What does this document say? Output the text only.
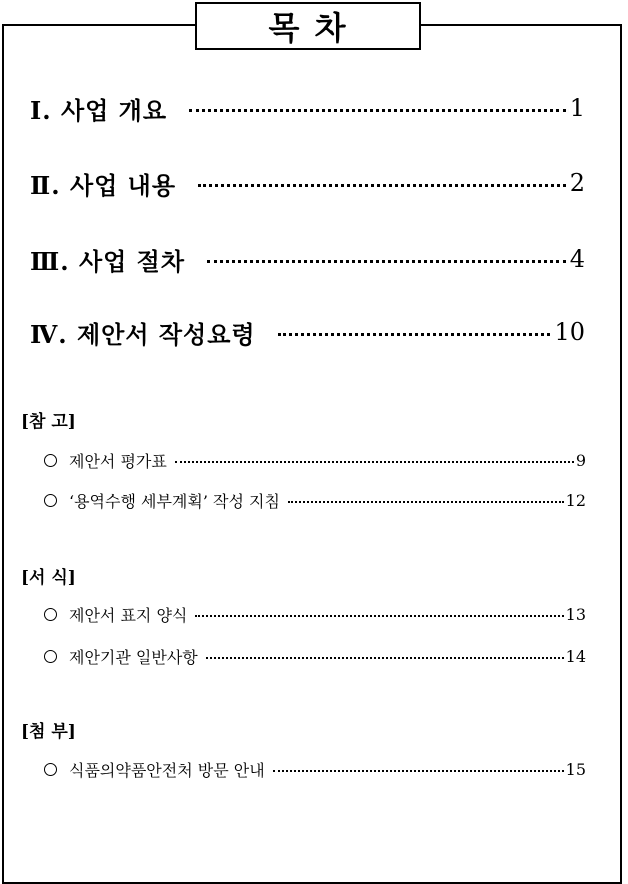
목 차
Ⅰ. 사업 개요	1
Ⅱ. 사업 내용	2
Ⅲ. 사업 절차	4
Ⅳ. 제안서 작성요령	10
[참 고]
제안서 평가표	9
‘용역수행 세부계획’ 작성 지침	12
[서 식]
제안서 표지 양식	13
제안기관 일반사항	14
[첨 부]
식품의약품안전처 방문 안내	15
